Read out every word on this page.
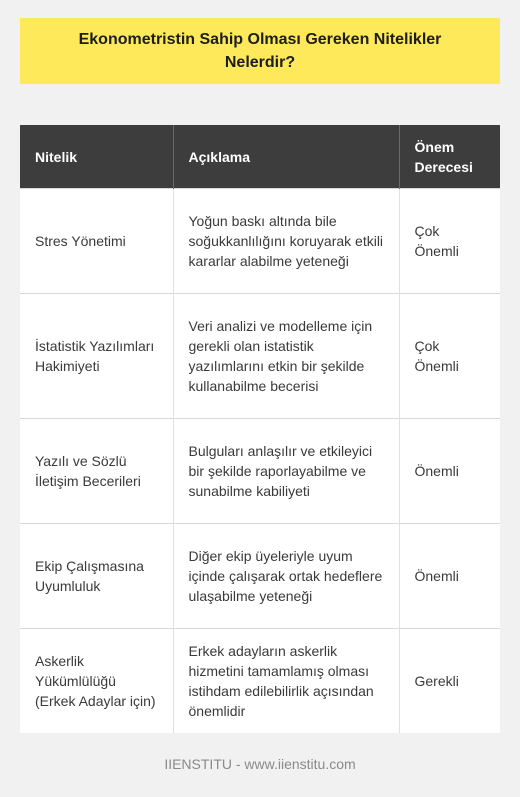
Ekonometristin Sahip Olması Gereken Nitelikler Nelerdir?
Nitelik	Açıklama	Önem Derecesi
Stres Yönetimi	Yoğun baskı altında bile soğukkanlılığını koruyarak etkili kararlar alabilme yeteneği	Çok Önemli
İstatistik Yazılımları Hakimiyeti	Veri analizi ve modelleme için gerekli olan istatistik yazılımlarını etkin bir şekilde kullanabilme becerisi	Çok Önemli
Yazılı ve Sözlü İletişim Becerileri	Bulguları anlaşılır ve etkileyici bir şekilde raporlayabilme ve sunabilme kabiliyeti	Önemli
Ekip Çalışmasına Uyumluluk	Diğer ekip üyeleriyle uyum içinde çalışarak ortak hedeflere ulaşabilme yeteneği	Önemli
Askerlik Yükümlülüğü (Erkek Adaylar için)	Erkek adayların askerlik hizmetini tamamlamış olması istihdam edilebilirlik açısından önemlidir	Gerekli
IIENSTITU - www.iienstitu.com
